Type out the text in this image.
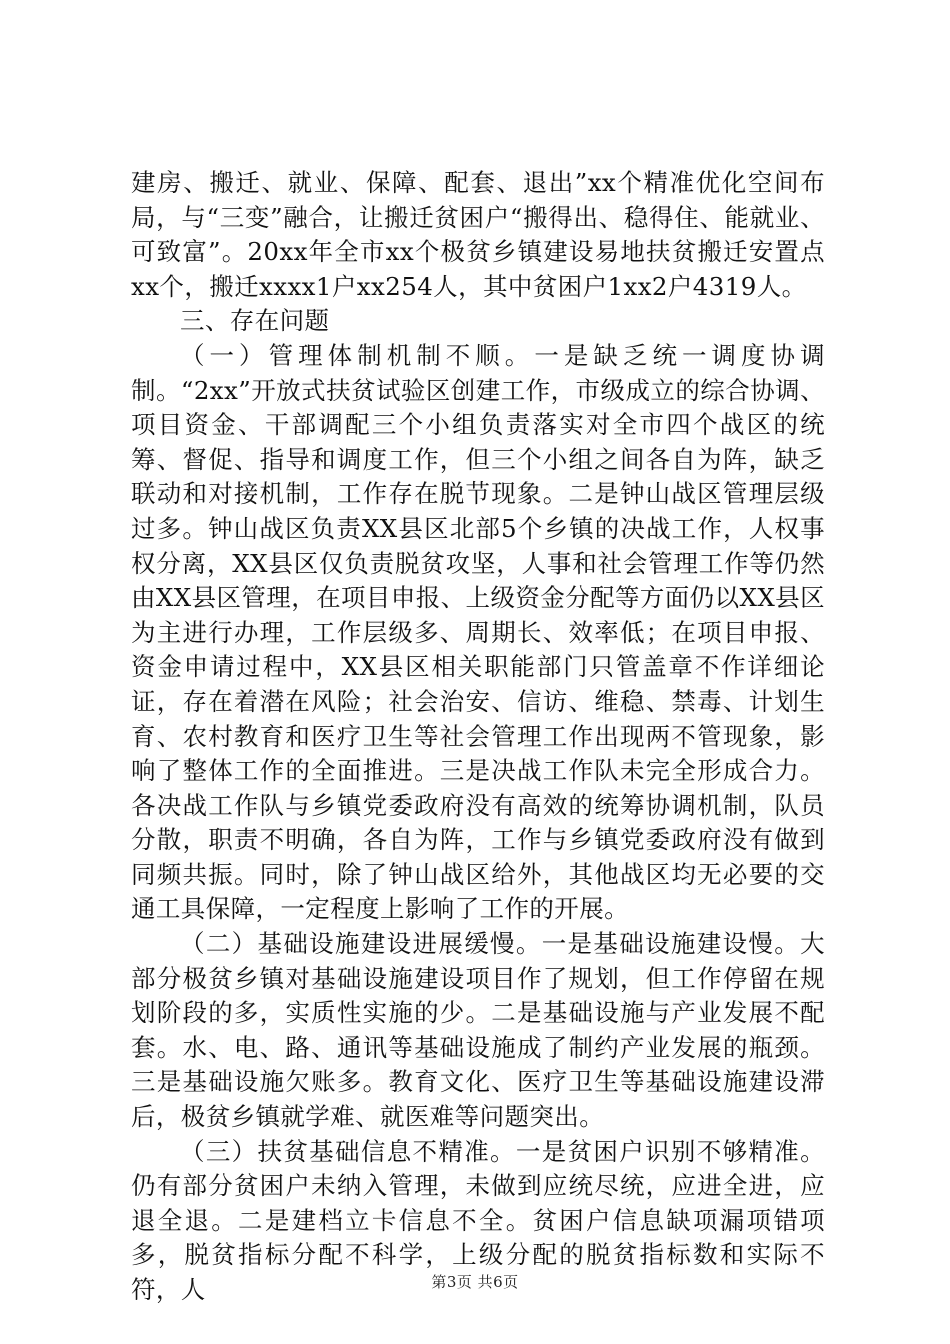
建房、搬迁、就业、保障、配套、退出”xx个精准优化空间布局，与“三变”融合，让搬迁贫困户“搬得出、稳得住、能就业、可致富”。20xx年全市xx个极贫乡镇建设易地扶贫搬迁安置点xx个，搬迁xxxx1户xx254人，其中贫困户1xx2户4319人。

三、存在问题

（一）管理体制机制不顺。一是缺乏统一调度协调制。“2xx”开放式扶贫试验区创建工作，市级成立的综合协调、项目资金、干部调配三个小组负责落实对全市四个战区的统筹、督促、指导和调度工作，但三个小组之间各自为阵，缺乏联动和对接机制，工作存在脱节现象。二是钟山战区管理层级过多。钟山战区负责XX县区北部5个乡镇的决战工作，人权事权分离，XX县区仅负责脱贫攻坚，人事和社会管理工作等仍然由XX县区管理，在项目申报、上级资金分配等方面仍以XX县区为主进行办理，工作层级多、周期长、效率低；在项目申报、资金申请过程中，XX县区相关职能部门只管盖章不作详细论证，存在着潜在风险；社会治安、信访、维稳、禁毒、计划生育、农村教育和医疗卫生等社会管理工作出现两不管现象，影响了整体工作的全面推进。三是决战工作队未完全形成合力。各决战工作队与乡镇党委政府没有高效的统筹协调机制，队员分散，职责不明确，各自为阵，工作与乡镇党委政府没有做到同频共振。同时，除了钟山战区给外，其他战区均无必要的交通工具保障，一定程度上影响了工作的开展。

（二）基础设施建设进展缓慢。一是基础设施建设慢。大部分极贫乡镇对基础设施建设项目作了规划，但工作停留在规划阶段的多，实质性实施的少。二是基础设施与产业发展不配套。水、电、路、通讯等基础设施成了制约产业发展的瓶颈。三是基础设施欠账多。教育文化、医疗卫生等基础设施建设滞后，极贫乡镇就学难、就医难等问题突出。

（三）扶贫基础信息不精准。一是贫困户识别不够精准。仍有部分贫困户未纳入管理，未做到应统尽统，应进全进，应退全退。二是建档立卡信息不全。贫困户信息缺项漏项错项多，脱贫指标分配不科学，上级分配的脱贫指标数和实际不符，人	第3页 共6页
